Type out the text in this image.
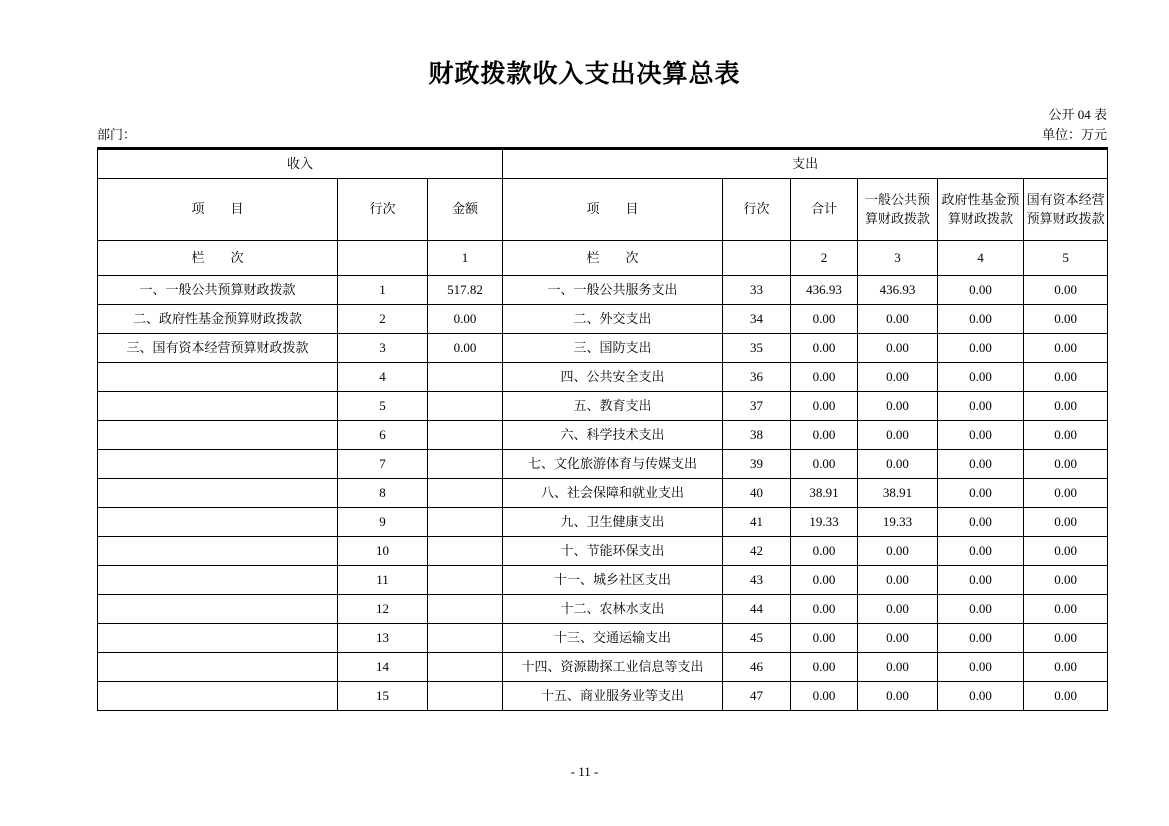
财政拨款收入支出决算总表
公开 04 表
部门：	单位：万元
收入			支出					
项　　目	行次	金额	项　　目	行次	合计	一般公共预算财政拨款	政府性基金预算财政拨款	国有资本经营预算财政拨款
栏　　次		1	栏　　次		2	3	4	5
一、一般公共预算财政拨款	1	517.82	一、一般公共服务支出	33	436.93	436.93	0.00	0.00
二、政府性基金预算财政拨款	2	0.00	二、外交支出	34	0.00	0.00	0.00	0.00
三、国有资本经营预算财政拨款	3	0.00	三、国防支出	35	0.00	0.00	0.00	0.00
	4		四、公共安全支出	36	0.00	0.00	0.00	0.00
	5		五、教育支出	37	0.00	0.00	0.00	0.00
	6		六、科学技术支出	38	0.00	0.00	0.00	0.00
	7		七、文化旅游体育与传媒支出	39	0.00	0.00	0.00	0.00
	8		八、社会保障和就业支出	40	38.91	38.91	0.00	0.00
	9		九、卫生健康支出	41	19.33	19.33	0.00	0.00
	10		十、节能环保支出	42	0.00	0.00	0.00	0.00
	11		十一、城乡社区支出	43	0.00	0.00	0.00	0.00
	12		十二、农林水支出	44	0.00	0.00	0.00	0.00
	13		十三、交通运输支出	45	0.00	0.00	0.00	0.00
	14		十四、资源勘探工业信息等支出	46	0.00	0.00	0.00	0.00
	15		十五、商业服务业等支出	47	0.00	0.00	0.00	0.00
- 11 -
